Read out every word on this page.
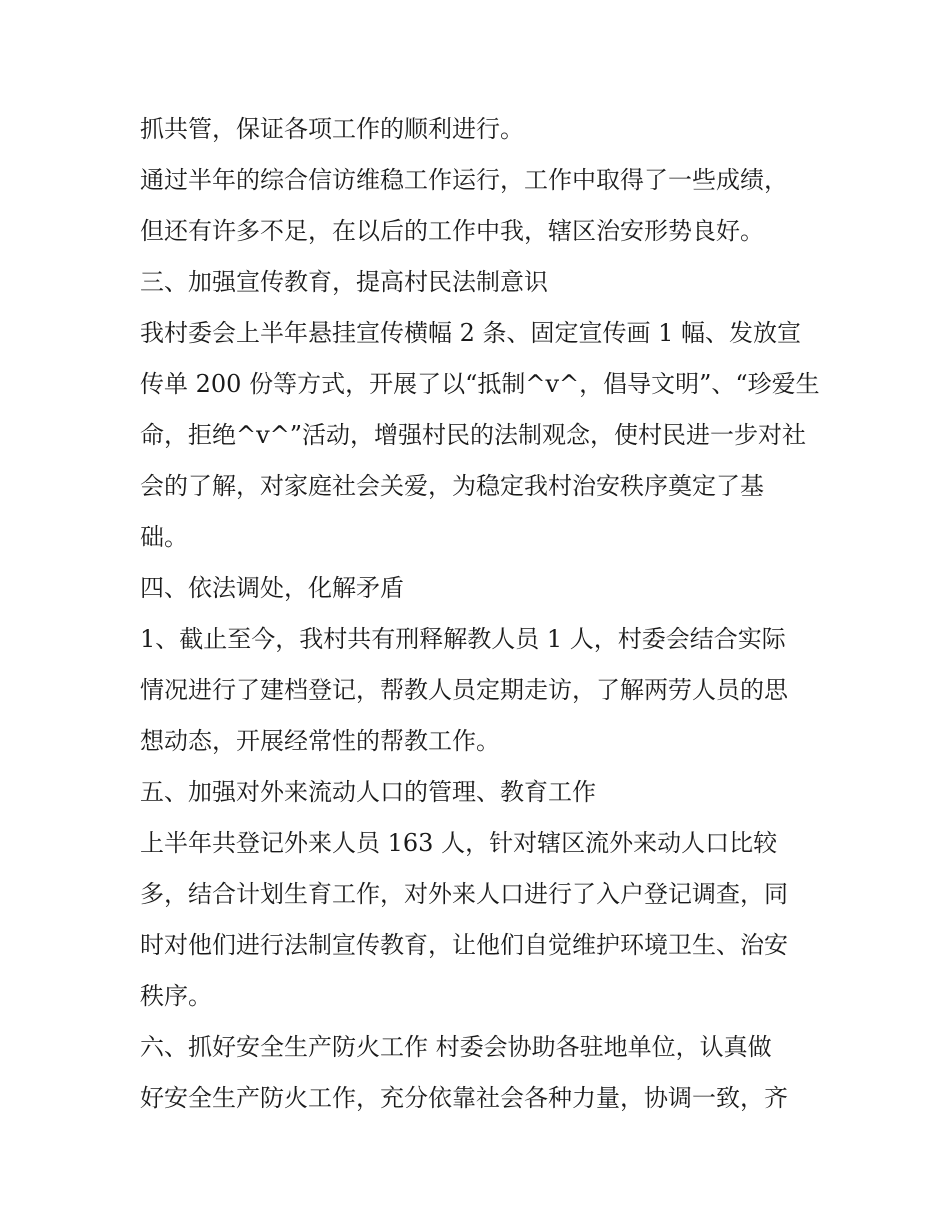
抓共管，保证各项工作的顺利进行。
通过半年的综合信访维稳工作运行，工作中取得了一些成绩，
但还有许多不足，在以后的工作中我，辖区治安形势良好。
三、加强宣传教育，提高村民法制意识
我村委会上半年悬挂宣传横幅 2 条、固定宣传画 1 幅、发放宣
传单 200 份等方式，开展了以“抵制^v^，倡导文明”、“珍爱生
命，拒绝^v^”活动，增强村民的法制观念，使村民进一步对社
会的了解，对家庭社会关爱，为稳定我村治安秩序奠定了基
础。
四、依法调处，化解矛盾
1、截止至今，我村共有刑释解教人员 1 人，村委会结合实际
情况进行了建档登记，帮教人员定期走访，了解两劳人员的思
想动态，开展经常性的帮教工作。
五、加强对外来流动人口的管理、教育工作
上半年共登记外来人员 163 人，针对辖区流外来动人口比较
多，结合计划生育工作，对外来人口进行了入户登记调查，同
时对他们进行法制宣传教育，让他们自觉维护环境卫生、治安
秩序。
六、抓好安全生产防火工作 村委会协助各驻地单位，认真做
好安全生产防火工作，充分依靠社会各种力量，协调一致，齐
